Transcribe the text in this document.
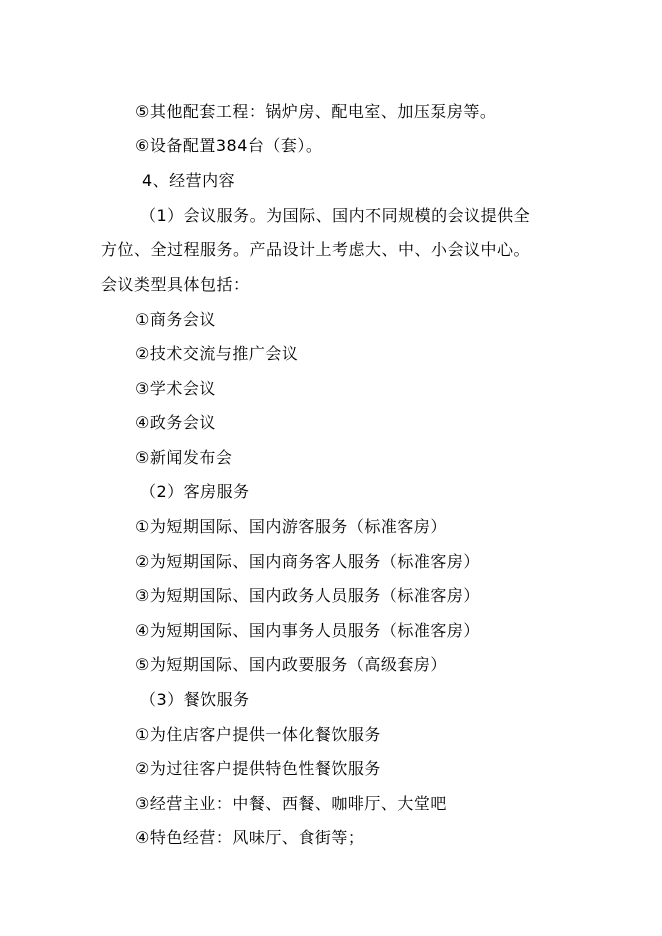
⑤其他配套工程：锅炉房、配电室、加压泵房等。
⑥设备配置384台（套）。
4、经营内容
（1）会议服务。为国际、国内不同规模的会议提供全
方位、全过程服务。产品设计上考虑大、中、小会议中心。
会议类型具体包括：
①商务会议
②技术交流与推广会议
③学术会议
④政务会议
⑤新闻发布会
（2）客房服务
①为短期国际、国内游客服务（标准客房）
②为短期国际、国内商务客人服务（标准客房）
③为短期国际、国内政务人员服务（标准客房）
④为短期国际、国内事务人员服务（标准客房）
⑤为短期国际、国内政要服务（高级套房）
（3）餐饮服务
①为住店客户提供一体化餐饮服务
②为过往客户提供特色性餐饮服务
③经营主业：中餐、西餐、咖啡厅、大堂吧
④特色经营：风味厅、食街等；
